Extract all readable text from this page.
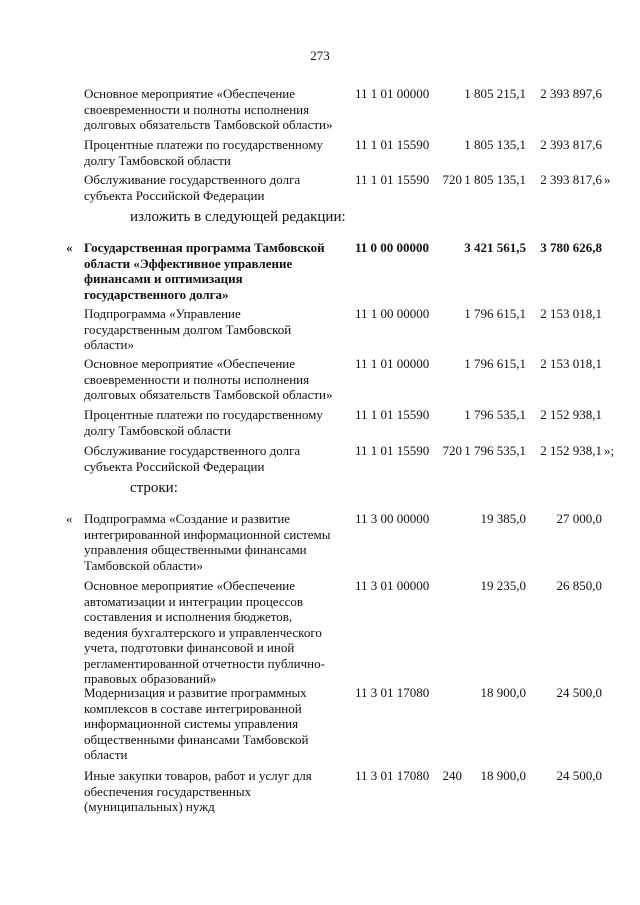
273
Основное мероприятие «Обеспечение своевременности и полноты исполнения долговых обязательств Тамбовской области»
11 1 01 00000	1 805 215,1	2 393 897,6
Процентные платежи по государственному долгу Тамбовской области
11 1 01 15590	1 805 135,1	2 393 817,6
Обслуживание государственного долга субъекта Российской Федерации
11 1 01 15590	720 1 805 135,1	2 393 817,6 »
изложить в следующей редакции:
« Государственная программа Тамбовской области «Эффективное управление финансами и оптимизация государственного долга»
11 0 00 00000	3 421 561,5	3 780 626,8
Подпрограмма «Управление государственным долгом Тамбовской области»
11 1 00 00000	1 796 615,1	2 153 018,1
Основное мероприятие «Обеспечение своевременности и полноты исполнения долговых обязательств Тамбовской области»
11 1 01 00000	1 796 615,1	2 153 018,1
Процентные платежи по государственному долгу Тамбовской области
11 1 01 15590	1 796 535,1	2 152 938,1
Обслуживание государственного долга субъекта Российской Федерации
11 1 01 15590	720 1 796 535,1	2 152 938,1 »;
строки:
« Подпрограмма «Создание и развитие интегрированной информационной системы управления общественными финансами Тамбовской области»
11 3 00 00000	19 385,0	27 000,0
Основное мероприятие «Обеспечение автоматизации и интеграции процессов составления и исполнения бюджетов, ведения бухгалтерского и управленческого учета, подготовки финансовой и иной регламентированной отчетности публично-правовых образований»
11 3 01 00000	19 235,0	26 850,0
Модернизация и развитие программных комплексов в составе интегрированной информационной системы управления общественными финансами Тамбовской области
11 3 01 17080	18 900,0	24 500,0
Иные закупки товаров, работ и услуг для обеспечения государственных (муниципальных) нужд
11 3 01 17080	240	18 900,0	24 500,0
